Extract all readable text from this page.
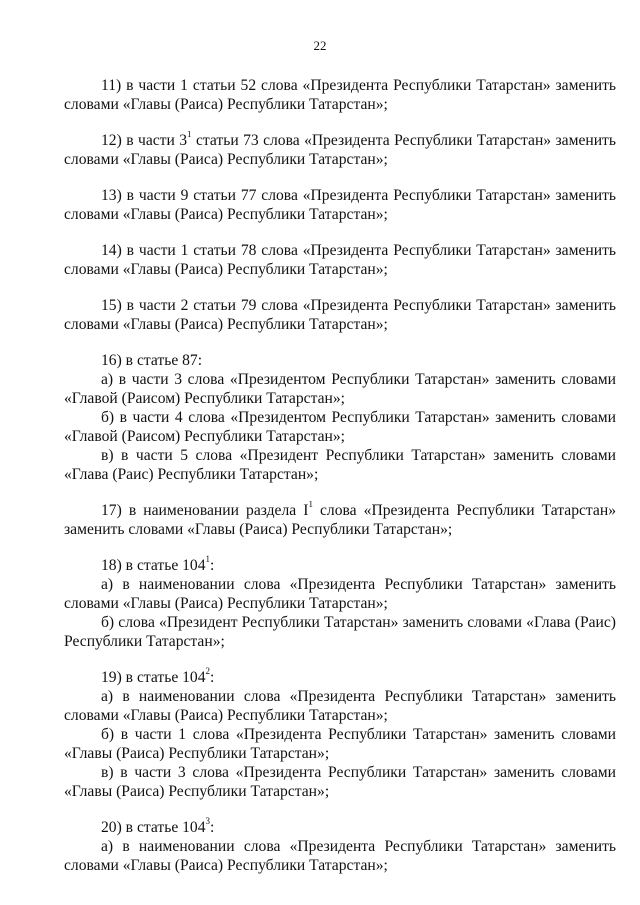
22
11) в части 1 статьи 52 слова «Президента Республики Татарстан» заменить
словами «Главы (Раиса) Республики Татарстан»;
12) в части $3^1$ статьи 73 слова «Президента Республики Татарстан» заменить
словами «Главы (Раиса) Республики Татарстан»;
13) в части 9 статьи 77 слова «Президента Республики Татарстан» заменить
словами «Главы (Раиса) Республики Татарстан»;
14) в части 1 статьи 78 слова «Президента Республики Татарстан» заменить
словами «Главы (Раиса) Республики Татарстан»;
15) в части 2 статьи 79 слова «Президента Республики Татарстан» заменить
словами «Главы (Раиса) Республики Татарстан»;
16) в статье 87:
а) в части 3 слова «Президентом Республики Татарстан» заменить словами
«Главой (Раисом) Республики Татарстан»;
б) в части 4 слова «Президентом Республики Татарстан» заменить словами
«Главой (Раисом) Республики Татарстан»;
в) в части 5 слова «Президент Республики Татарстан» заменить словами
«Глава (Раис) Республики Татарстан»;
17) в наименовании раздела $I^1$ слова «Президента Республики Татарстан»
заменить словами «Главы (Раиса) Республики Татарстан»;
18) в статье $104^1$:
а) в наименовании слова «Президента Республики Татарстан» заменить
словами «Главы (Раиса) Республики Татарстан»;
б) слова «Президент Республики Татарстан» заменить словами «Глава (Раис)
Республики Татарстан»;
19) в статье $104^2$:
а) в наименовании слова «Президента Республики Татарстан» заменить
словами «Главы (Раиса) Республики Татарстан»;
б) в части 1 слова «Президента Республики Татарстан» заменить словами
«Главы (Раиса) Республики Татарстан»;
в) в части 3 слова «Президента Республики Татарстан» заменить словами
«Главы (Раиса) Республики Татарстан»;
20) в статье $104^3$:
а) в наименовании слова «Президента Республики Татарстан» заменить
словами «Главы (Раиса) Республики Татарстан»;
